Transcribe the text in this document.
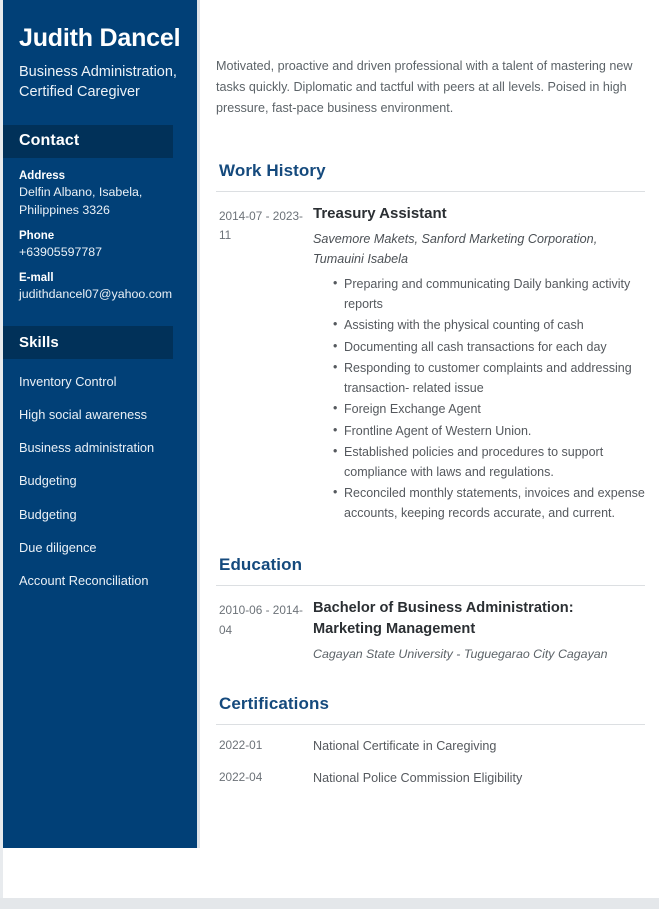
Judith Dancel
Business Administration, Certified Caregiver
Contact
Address
Delfin Albano, Isabela, Philippines 3326
Phone
+63905597787
E-mall
judithdancel07@yahoo.com
Skills
Inventory Control
High social awareness
Business administration
Budgeting
Budgeting
Due diligence
Account Reconciliation

Motivated, proactive and driven professional with a talent of mastering new tasks quickly. Diplomatic and tactful with peers at all levels. Poised in high pressure, fast-pace business environment.

Work History
2014-07 - 2023-11
Treasury Assistant
Savemore Makets, Sanford Marketing Corporation, Tumauini Isabela
• Preparing and communicating Daily banking activity reports
• Assisting with the physical counting of cash
• Documenting all cash transactions for each day
• Responding to customer complaints and addressing transaction- related issue
• Foreign Exchange Agent
• Frontline Agent of Western Union.
• Established policies and procedures to support compliance with laws and regulations.
• Reconciled monthly statements, invoices and expense accounts, keeping records accurate, and current.
Education
2010-06 - 2014-04
Bachelor of Business Administration: Marketing Management
Cagayan State University - Tuguegarao City Cagayan
Certifications
2022-01	National Certificate in Caregiving
2022-04	National Police Commission Eligibility
